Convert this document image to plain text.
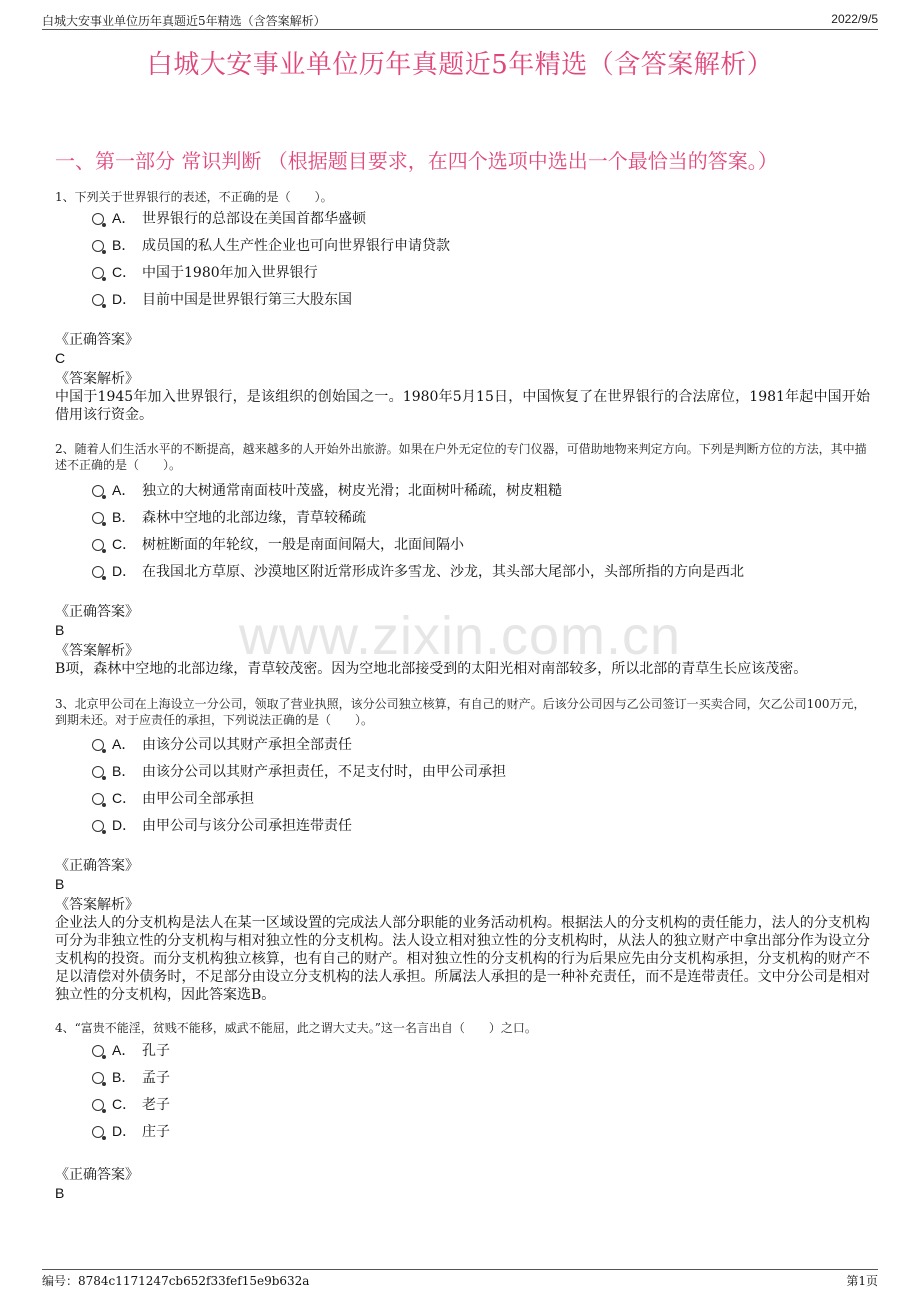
白城大安事业单位历年真题近5年精选（含答案解析）	2022/9/5
白城大安事业单位历年真题近5年精选（含答案解析）
一、第一部分 常识判断 （根据题目要求，在四个选项中选出一个最恰当的答案。）
www.zixin.com.cn
1、下列关于世界银行的表述，不正确的是（　　）。
A． 世界银行的总部设在美国首都华盛顿
B． 成员国的私人生产性企业也可向世界银行申请贷款
C． 中国于1980年加入世界银行
D． 目前中国是世界银行第三大股东国
《正确答案》
C
《答案解析》
中国于1945年加入世界银行，是该组织的创始国之一。1980年5月15日，中国恢复了在世界银行的合法席位，1981年起中国开始借用该行资金。
2、随着人们生活水平的不断提高，越来越多的人开始外出旅游。如果在户外无定位的专门仪器，可借助地物来判定方向。下列是判断方位的方法，其中描述不正确的是（　　）。
A． 独立的大树通常南面枝叶茂盛，树皮光滑；北面树叶稀疏，树皮粗糙
B． 森林中空地的北部边缘，青草较稀疏
C． 树桩断面的年轮纹，一般是南面间隔大，北面间隔小
D． 在我国北方草原、沙漠地区附近常形成许多雪龙、沙龙，其头部大尾部小，头部所指的方向是西北
《正确答案》
B
《答案解析》
B项，森林中空地的北部边缘，青草较茂密。因为空地北部接受到的太阳光相对南部较多，所以北部的青草生长应该茂密。
3、北京甲公司在上海设立一分公司，领取了营业执照，该分公司独立核算，有自己的财产。后该分公司因与乙公司签订一买卖合同，欠乙公司100万元，到期未还。对于应责任的承担，下列说法正确的是（　　）。
A． 由该分公司以其财产承担全部责任
B． 由该分公司以其财产承担责任，不足支付时，由甲公司承担
C． 由甲公司全部承担
D． 由甲公司与该分公司承担连带责任
《正确答案》
B
《答案解析》
企业法人的分支机构是法人在某一区域设置的完成法人部分职能的业务活动机构。根据法人的分支机构的责任能力，法人的分支机构可分为非独立性的分支机构与相对独立性的分支机构。法人设立相对独立性的分支机构时，从法人的独立财产中拿出部分作为设立分支机构的投资。而分支机构独立核算，也有自己的财产。相对独立性的分支机构的行为后果应先由分支机构承担，分支机构的财产不足以清偿对外债务时，不足部分由设立分支机构的法人承担。所属法人承担的是一种补充责任，而不是连带责任。文中分公司是相对独立性的分支机构，因此答案选B。
4、“富贵不能淫，贫贱不能移，威武不能屈，此之谓大丈夫。”这一名言出自（　　）之口。
A． 孔子
B． 孟子
C． 老子
D． 庄子
《正确答案》
B
编号：8784c1171247cb652f33fef15e9b632a	第1页
